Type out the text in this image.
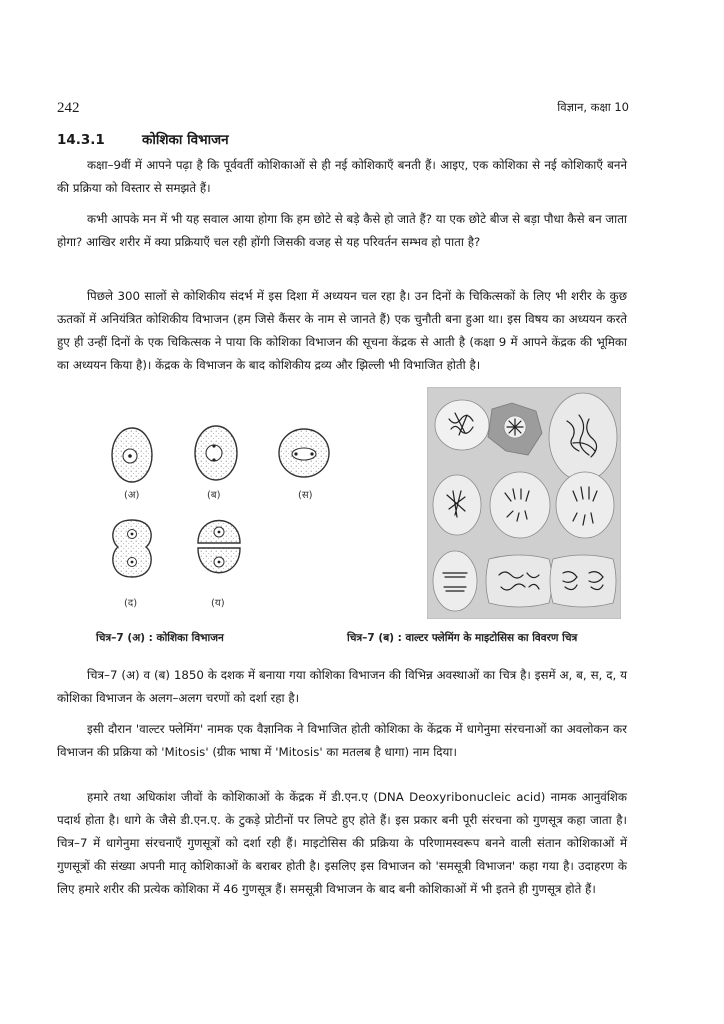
242	विज्ञान, कक्षा 10
14.3.1	कोशिका विभाजन

कक्षा–9वीं में आपने पढ़ा है कि पूर्ववर्ती कोशिकाओं से ही नई कोशिकाएँ बनती हैं। आइए, एक कोशिका से नई कोशिकाएँ बनने की प्रक्रिया को विस्तार से समझते हैं।

कभी आपके मन में भी यह सवाल आया होगा कि हम छोटे से बड़े कैसे हो जाते हैं? या एक छोटे बीज से बड़ा पौधा कैसे बन जाता होगा? आखिर शरीर में क्या प्रक्रियाएँ चल रही होंगी जिसकी वजह से यह परिवर्तन सम्भव हो पाता है?

पिछले 300 सालों से कोशिकीय संदर्भ में इस दिशा में अध्ययन चल रहा है। उन दिनों के चिकित्सकों के लिए भी शरीर के कुछ ऊतकों में अनियंत्रित कोशिकीय विभाजन (हम जिसे कैंसर के नाम से जानते हैं) एक चुनौती बना हुआ था। इस विषय का अध्ययन करते हुए ही उन्हीं दिनों के एक चिकित्सक ने पाया कि कोशिका विभाजन की सूचना केंद्रक से आती है (कक्षा 9 में आपने केंद्रक की भूमिका का अध्ययन किया है)। केंद्रक के विभाजन के बाद कोशिकीय द्रव्य और झिल्ली भी विभाजित होती है।

(अ)	(ब)	(स)
(द)	(य)
चित्र–7 (अ) : कोशिका विभाजन	चित्र–7 (ब) : वाल्टर फ्लेमिंग के माइटोसिस का विवरण चित्र

चित्र–7 (अ) व (ब) 1850 के दशक में बनाया गया कोशिका विभाजन की विभिन्न अवस्थाओं का चित्र है। इसमें अ, ब, स, द, य कोशिका विभाजन के अलग–अलग चरणों को दर्शा रहा है।

इसी दौरान 'वाल्टर फ्लेमिंग' नामक एक वैज्ञानिक ने विभाजित होती कोशिका के केंद्रक में धागेनुमा संरचनाओं का अवलोकन कर विभाजन की प्रक्रिया को 'Mitosis' (ग्रीक भाषा में 'Mitosis' का मतलब है धागा) नाम दिया।

हमारे तथा अधिकांश जीवों के कोशिकाओं के केंद्रक में डी.एन.ए (DNA Deoxyribonucleic acid) नामक आनुवंशिक पदार्थ होता है। धागे के जैसे डी.एन.ए. के टुकड़े प्रोटीनों पर लिपटे हुए होते हैं। इस प्रकार बनी पूरी संरचना को गुणसूत्र कहा जाता है। चित्र–7 में धागेनुमा संरचनाएँ गुणसूत्रों को दर्शा रही हैं। माइटोसिस की प्रक्रिया के परिणामस्वरूप बनने वाली संतान कोशिकाओं में गुणसूत्रों की संख्या अपनी मातृ कोशिकाओं के बराबर होती है। इसलिए इस विभाजन को 'समसूत्री विभाजन' कहा गया है। उदाहरण के लिए हमारे शरीर की प्रत्येक कोशिका में 46 गुणसूत्र हैं। समसूत्री विभाजन के बाद बनी कोशिकाओं में भी इतने ही गुणसूत्र होते हैं।
